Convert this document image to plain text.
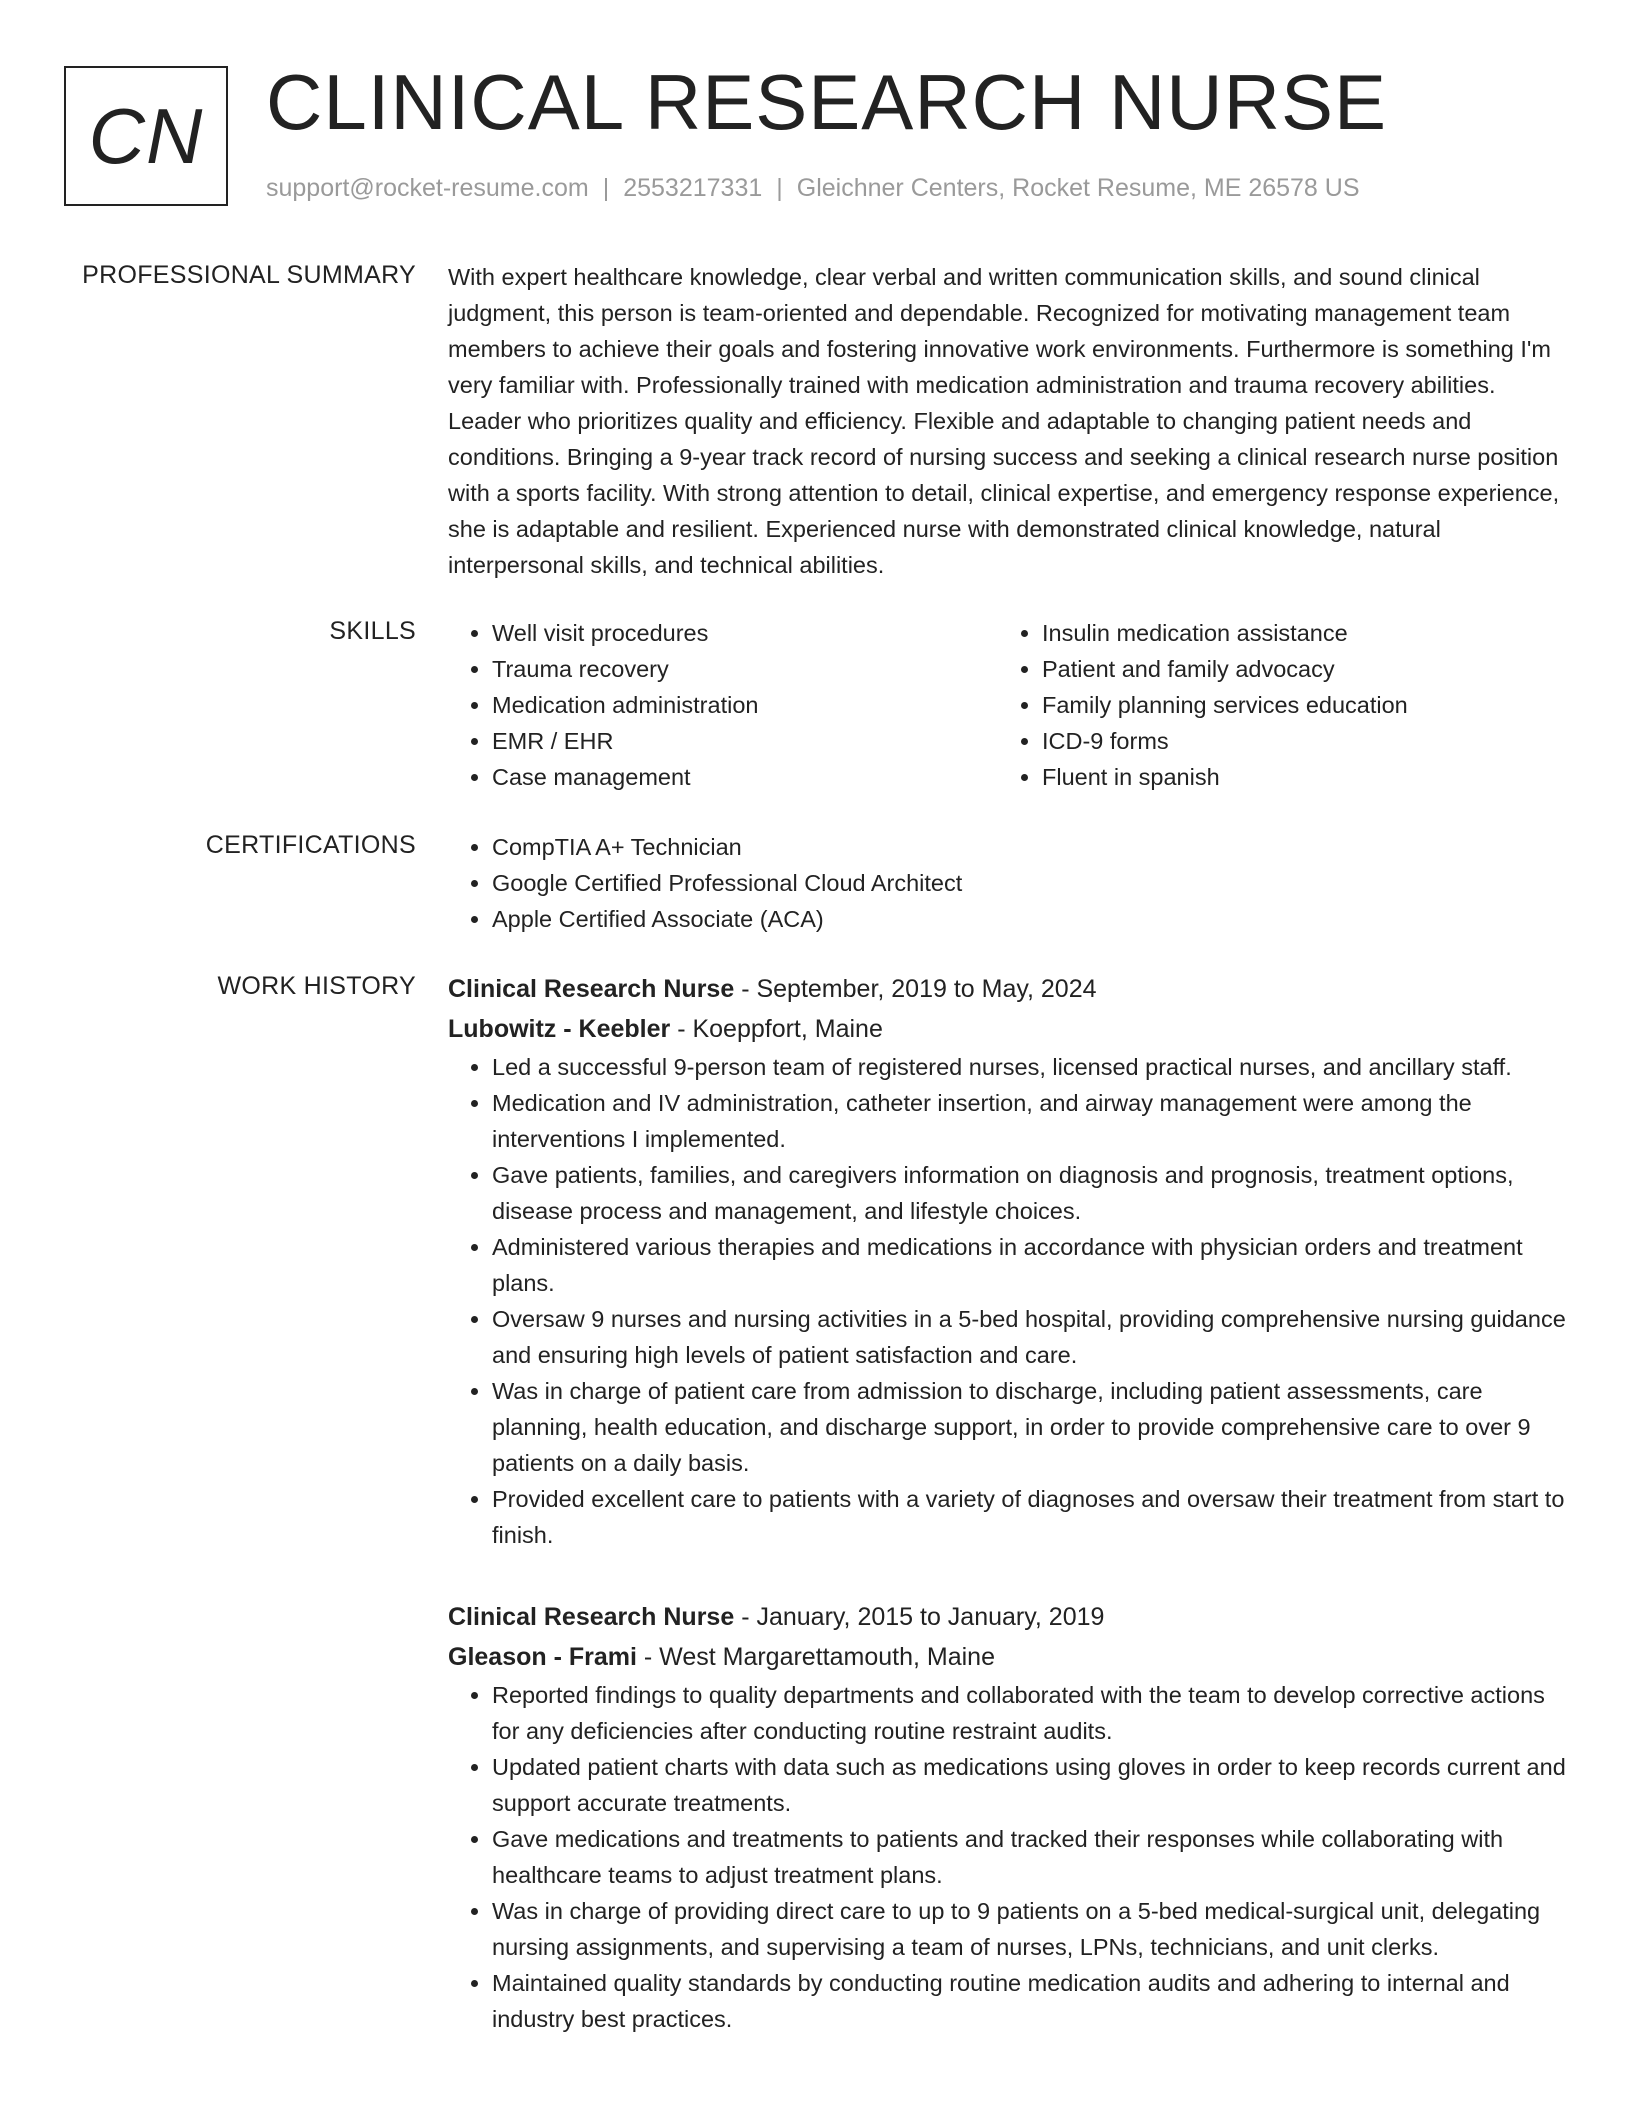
CN CLINICAL RESEARCH NURSE
support@rocket-resume.com | 2553217331 | Gleichner Centers, Rocket Resume, ME 26578 US
PROFESSIONAL SUMMARY With expert healthcare knowledge, clear verbal and written communication skills, and sound clinical judgment, this person is team-oriented and dependable. Recognized for motivating management team members to achieve their goals and fostering innovative work environments. Furthermore is something I'm very familiar with. Professionally trained with medication administration and trauma recovery abilities. Leader who prioritizes quality and efficiency. Flexible and adaptable to changing patient needs and conditions. Bringing a 9-year track record of nursing success and seeking a clinical research nurse position with a sports facility. With strong attention to detail, clinical expertise, and emergency response experience, she is adaptable and resilient. Experienced nurse with demonstrated clinical knowledge, natural interpersonal skills, and technical abilities.

SKILLS	• Well visit procedures
• Trauma recovery
• Medication administration
• EMR / EHR
• Case management
• Insulin medication assistance
• Patient and family advocacy
• Family planning services education
• ICD-9 forms
• Fluent in spanish
CERTIFICATIONS	• CompTIA A+ Technician
• Google Certified Professional Cloud Architect
• Apple Certified Associate (ACA)
WORK HISTORY Clinical Research Nurse - September, 2019 to May, 2024
Lubowitz - Keebler - Koeppfort, Maine
• Led a successful 9-person team of registered nurses, licensed practical nurses, and ancillary staff.
• Medication and IV administration, catheter insertion, and airway management were among the interventions I implemented.
• Gave patients, families, and caregivers information on diagnosis and prognosis, treatment options, disease process and management, and lifestyle choices.
• Administered various therapies and medications in accordance with physician orders and treatment plans.
• Oversaw 9 nurses and nursing activities in a 5-bed hospital, providing comprehensive nursing guidance and ensuring high levels of patient satisfaction and care.
• Was in charge of patient care from admission to discharge, including patient assessments, care planning, health education, and discharge support, in order to provide comprehensive care to over 9 patients on a daily basis.
• Provided excellent care to patients with a variety of diagnoses and oversaw their treatment from start to finish.
Clinical Research Nurse - January, 2015 to January, 2019
Gleason - Frami - West Margarettamouth, Maine
• Reported findings to quality departments and collaborated with the team to develop corrective actions for any deficiencies after conducting routine restraint audits.
• Updated patient charts with data such as medications using gloves in order to keep records current and support accurate treatments.
• Gave medications and treatments to patients and tracked their responses while collaborating with healthcare teams to adjust treatment plans.
• Was in charge of providing direct care to up to 9 patients on a 5-bed medical-surgical unit, delegating nursing assignments, and supervising a team of nurses, LPNs, technicians, and unit clerks.
• Maintained quality standards by conducting routine medication audits and adhering to internal and industry best practices.
